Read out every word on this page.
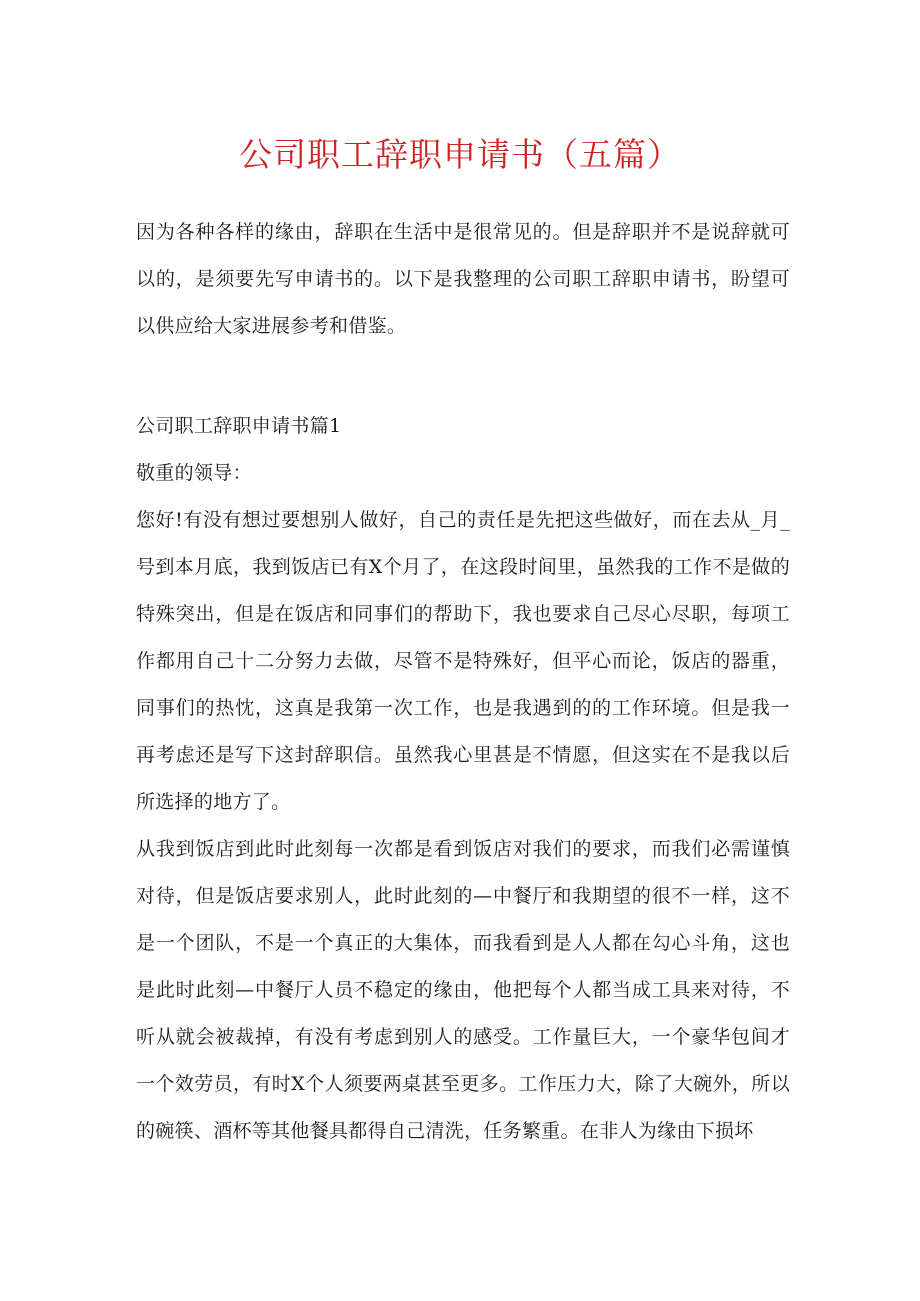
公司职工辞职申请书（五篇）

因为各种各样的缘由，辞职在生活中是很常见的。但是辞职并不是说辞就可以的，是须要先写申请书的。以下是我整理的公司职工辞职申请书，盼望可以供应给大家进展参考和借鉴。

公司职工辞职申请书篇1

敬重的领导：

您好!有没有想过要想别人做好，自己的责任是先把这些做好，而在去从_月_号到本月底，我到饭店已有X个月了，在这段时间里，虽然我的工作不是做的特殊突出，但是在饭店和同事们的帮助下，我也要求自己尽心尽职，每项工作都用自己十二分努力去做，尽管不是特殊好，但平心而论，饭店的器重，同事们的热忱，这真是我第一次工作，也是我遇到的的工作环境。但是我一再考虑还是写下这封辞职信。虽然我心里甚是不情愿，但这实在不是我以后所选择的地方了。

从我到饭店到此时此刻每一次都是看到饭店对我们的要求，而我们必需谨慎对待，但是饭店要求别人，此时此刻的—中餐厅和我期望的很不一样，这不是一个团队，不是一个真正的大集体，而我看到是人人都在勾心斗角，这也是此时此刻—中餐厅人员不稳定的缘由，他把每个人都当成工具来对待，不听从就会被裁掉，有没有考虑到别人的感受。工作量巨大，一个豪华包间才一个效劳员，有时X个人须要两桌甚至更多。工作压力大，除了大碗外，所以的碗筷、酒杯等其他餐具都得自己清洗，任务繁重。在非人为缘由下损坏
